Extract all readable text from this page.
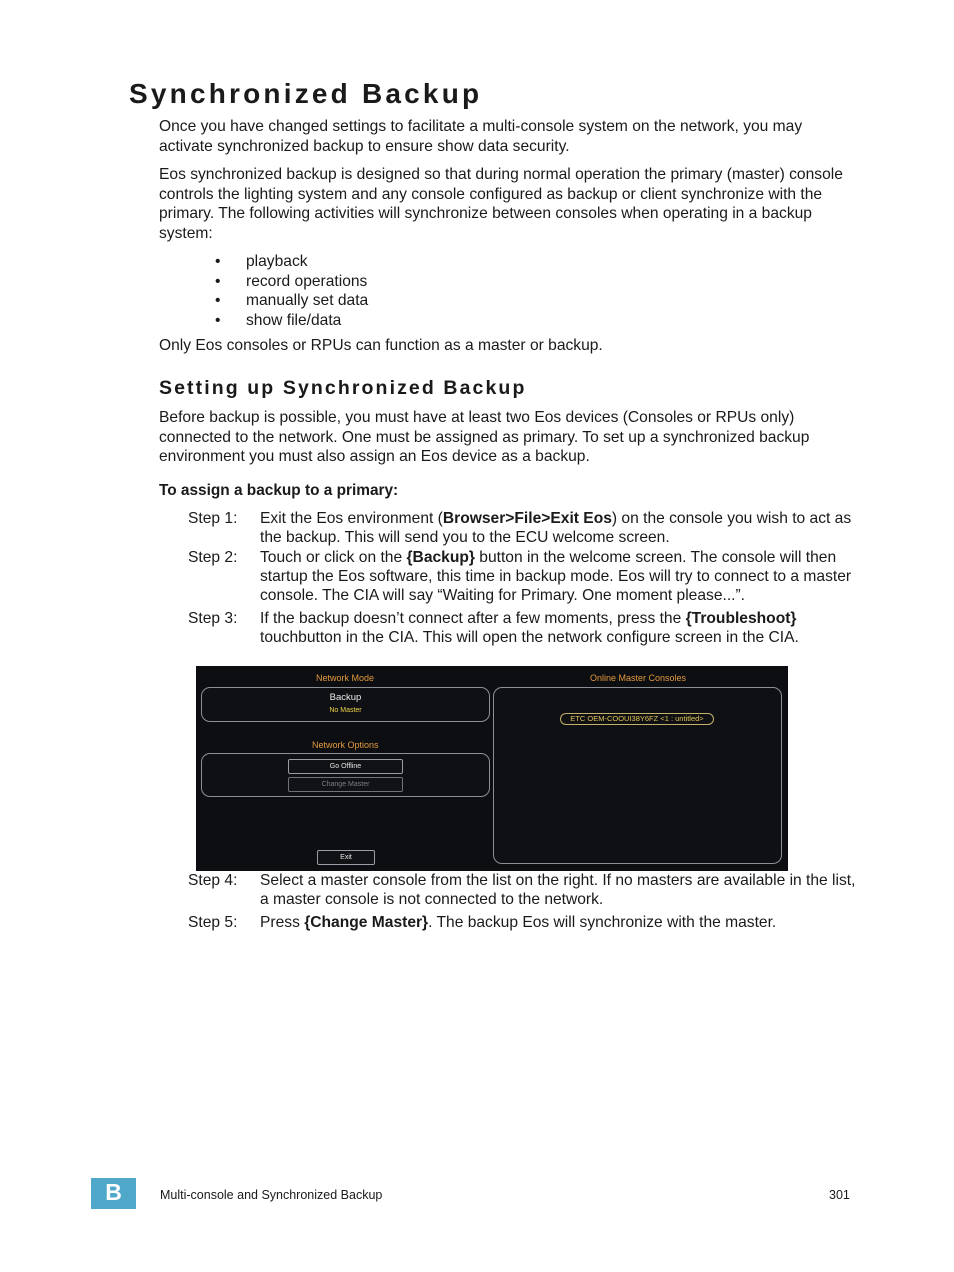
Synchronized Backup

Once you have changed settings to facilitate a multi-console system on the network, you may activate synchronized backup to ensure show data security.

Eos synchronized backup is designed so that during normal operation the primary (master) console controls the lighting system and any console configured as backup or client synchronize with the primary. The following activities will synchronize between consoles when operating in a backup system:

• playback
• record operations
• manually set data
• show file/data

Only Eos consoles or RPUs can function as a master or backup.

Setting up Synchronized Backup

Before backup is possible, you must have at least two Eos devices (Consoles or RPUs only) connected to the network. One must be assigned as primary. To set up a synchronized backup environment you must also assign an Eos device as a backup.

To assign a backup to a primary:

Step 1: Exit the Eos environment (Browser>File>Exit Eos) on the console you wish to act as the backup. This will send you to the ECU welcome screen.
Step 2: Touch or click on the {Backup} button in the welcome screen. The console will then startup the Eos software, this time in backup mode. Eos will try to connect to a master console. The CIA will say “Waiting for Primary. One moment please...”.
Step 3: If the backup doesn’t connect after a few moments, press the {Troubleshoot} touchbutton in the CIA. This will open the network configure screen in the CIA.
Network Mode
Backup
No Master
Network Options
Go Offline
Change Master
Exit
Online Master Consoles
ETC OEM-COOUI38Y6FZ <1 : untitled>
Step 4: Select a master console from the list on the right. If no masters are available in the list, a master console is not connected to the network.
Step 5: Press {Change Master}. The backup Eos will synchronize with the master.
B	Multi-console and Synchronized Backup	301
